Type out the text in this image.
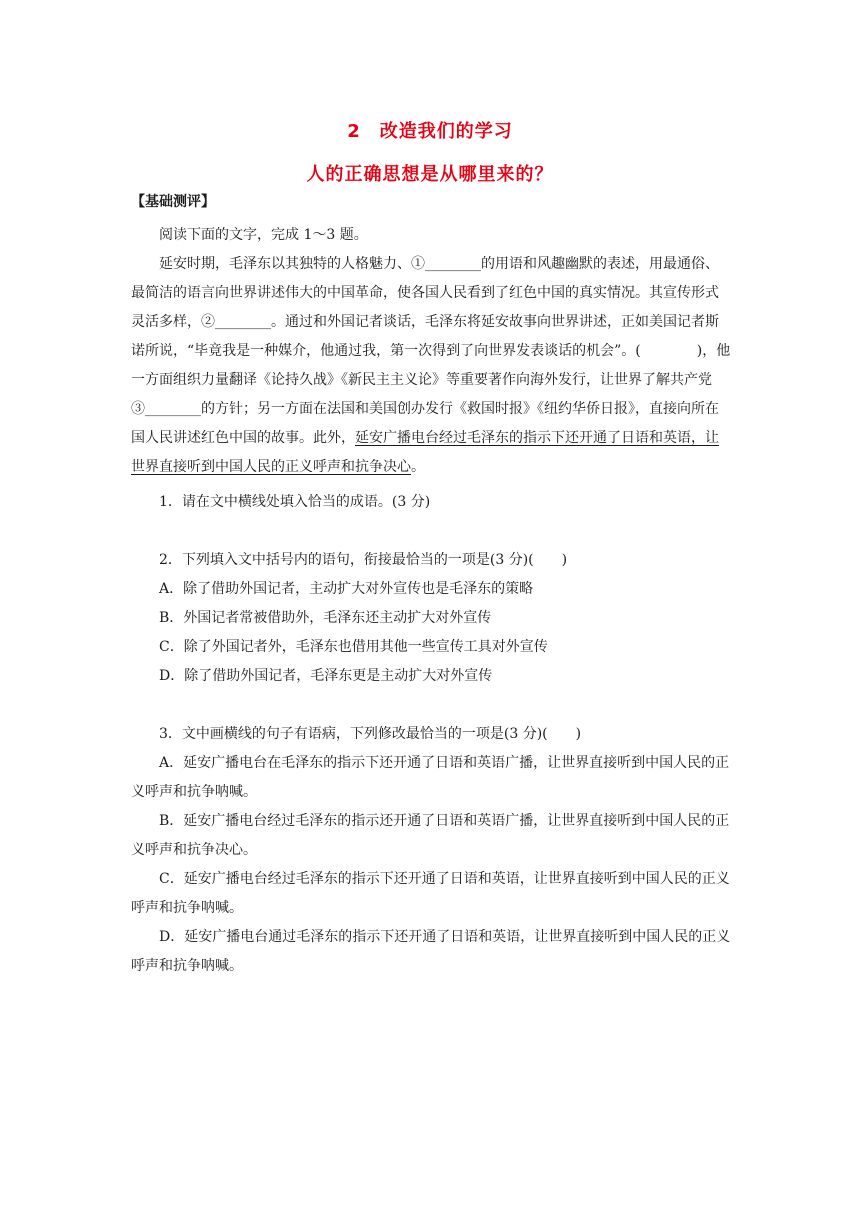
2　改造我们的学习
人的正确思想是从哪里来的？
【基础测评】
阅读下面的文字，完成 1～3 题。
延安时期，毛泽东以其独特的人格魅力、①________的用语和风趣幽默的表述，用最通俗、最简洁的语言向世界讲述伟大的中国革命，使各国人民看到了红色中国的真实情况。其宣传形式灵活多样，②________。通过和外国记者谈话，毛泽东将延安故事向世界讲述，正如美国记者斯诺所说，“毕竟我是一种媒介，他通过我，第一次得到了向世界发表谈话的机会”。(　　　　)，他一方面组织力量翻译《论持久战》《新民主主义论》等重要著作向海外发行，让世界了解共产党③________的方针；另一方面在法国和美国创办发行《救国时报》《纽约华侨日报》，直接向所在国人民讲述红色中国的故事。此外，延安广播电台经过毛泽东的指示下还开通了日语和英语，让世界直接听到中国人民的正义呼声和抗争决心。
1．请在文中横线处填入恰当的成语。(3 分)
2．下列填入文中括号内的语句，衔接最恰当的一项是(3 分)(　　)
A．除了借助外国记者，主动扩大对外宣传也是毛泽东的策略
B．外国记者常被借助外，毛泽东还主动扩大对外宣传
C．除了外国记者外，毛泽东也借用其他一些宣传工具对外宣传
D．除了借助外国记者，毛泽东更是主动扩大对外宣传
3．文中画横线的句子有语病，下列修改最恰当的一项是(3 分)(　　)
A．延安广播电台在毛泽东的指示下还开通了日语和英语广播，让世界直接听到中国人民的正义呼声和抗争呐喊。
B．延安广播电台经过毛泽东的指示还开通了日语和英语广播，让世界直接听到中国人民的正义呼声和抗争决心。
C．延安广播电台经过毛泽东的指示下还开通了日语和英语，让世界直接听到中国人民的正义呼声和抗争呐喊。
D．延安广播电台通过毛泽东的指示下还开通了日语和英语，让世界直接听到中国人民的正义呼声和抗争呐喊。
